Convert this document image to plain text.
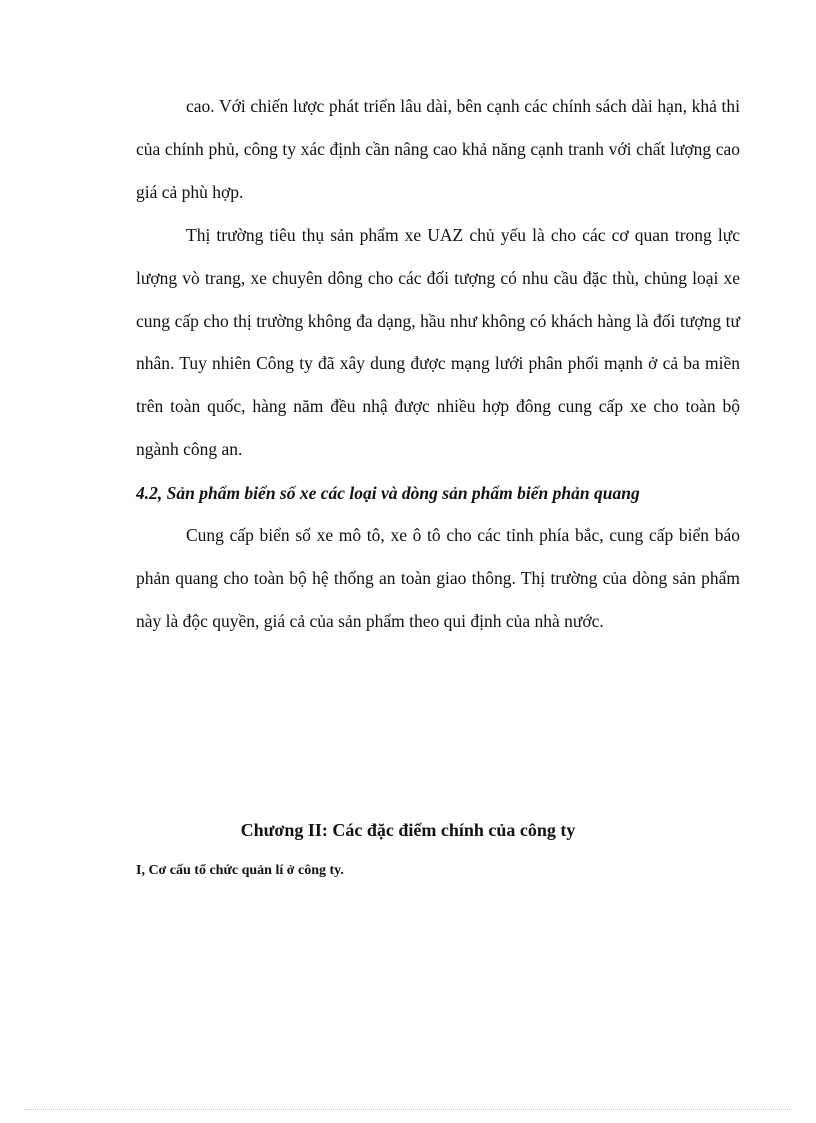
cao. Với chiến lược phát triển lâu dài, bên cạnh các chính sách dài hạn, khả thi của chính phủ, công ty xác định cần nâng cao khả năng cạnh tranh với chất lượng cao giá cả phù hợp.

Thị trường tiêu thụ sản phẩm xe UAZ chủ yếu là cho các cơ quan trong lực lượng vò trang, xe chuyên dông cho các đối tượng có nhu cầu đặc thù, chủng loại xe cung cấp cho thị trường không đa dạng, hầu như không có khách hàng là đối tượng tư nhân. Tuy nhiên Công ty đã xây dung được mạng lưới phân phối mạnh ở cả ba miền trên toàn quốc, hàng năm đều nhậ được nhiều hợp đông cung cấp xe cho toàn bộ ngành công an.

4.2, Sản phẩm biển số xe các loại và dòng sản phẩm biển phản quang

Cung cấp biển số xe mô tô, xe ô tô cho các tỉnh phía bắc, cung cấp biển báo phản quang cho toàn bộ hệ thống an toàn giao thông. Thị trường của dòng sản phẩm này là độc quyền, giá cả của sản phẩm theo qui định của nhà nước.

Chương II: Các đặc điểm chính của công ty
I, Cơ cấu tổ chức quản lí ở công ty.
